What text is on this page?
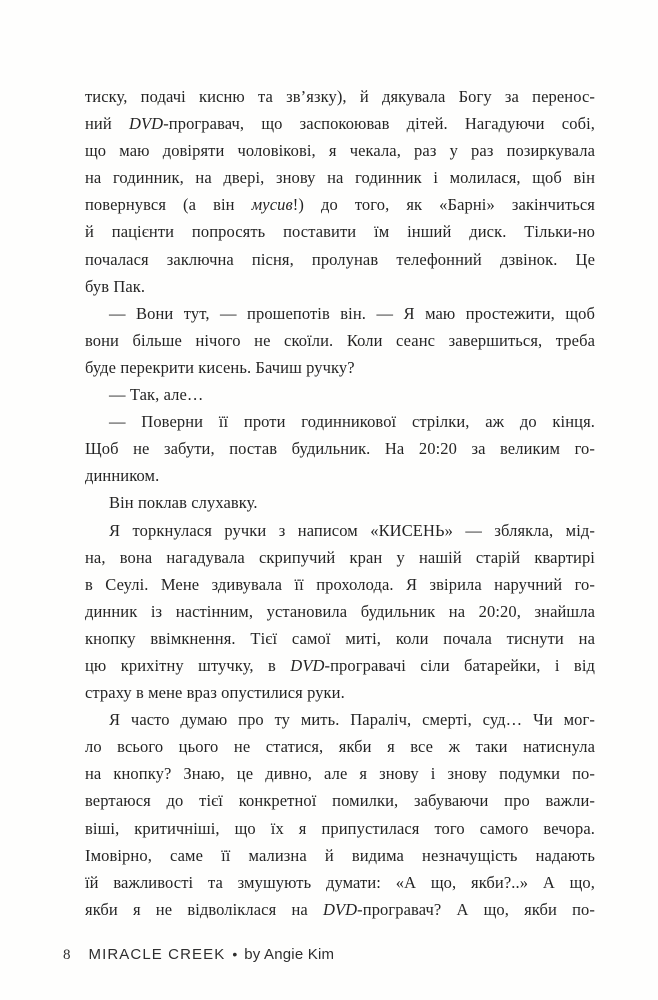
тиску, подачі кисню та зв’язку), й дякувала Богу за перенос-
ний DVD-програвач, що заспокоював дітей. Нагадуючи собі,
що маю довіряти чоловікові, я чекала, раз у раз позиркувала
на годинник, на двері, знову на годинник і молилася, щоб він
повернувся (а він мусив!) до того, як «Барні» закінчиться
й пацієнти попросять поставити їм інший диск. Тільки-но
почалася заключна пісня, пролунав телефонний дзвінок. Це
був Пак.
— Вони тут, — прошепотів він. — Я маю простежити, щоб
вони більше нічого не скоїли. Коли сеанс завершиться, треба
буде перекрити кисень. Бачиш ручку?
— Так, але…
— Поверни її проти годинникової стрілки, аж до кінця.
Щоб не забути, постав будильник. На 20:20 за великим го-
динником.
Він поклав слухавку.
Я торкнулася ручки з написом «КИСЕНЬ» — зблякла, мід-
на, вона нагадувала скрипучий кран у нашій старій квартирі
в Сеулі. Мене здивувала її прохолода. Я звірила наручний го-
динник із настінним, установила будильник на 20:20, знайшла
кнопку ввімкнення. Тієї самої миті, коли почала тиснути на
цю крихітну штучку, в DVD-програвачі сіли батарейки, і від
страху в мене враз опустилися руки.
Я часто думаю про ту мить. Параліч, смерті, суд… Чи мог-
ло всього цього не статися, якби я все ж таки натиснула
на кнопку? Знаю, це дивно, але я знову і знову подумки по-
вертаюся до тієї конкретної помилки, забуваючи про важли-
віші, критичніші, що їх я припустилася того самого вечора.
Імовірно, саме її мализна й видима незначущість надають
їй важливості та змушують думати: «А що, якби?..» А що,
якби я не відволіклася на DVD-програвач? А що, якби по-
8 MIRACLE CREEK • by Angie Kim
